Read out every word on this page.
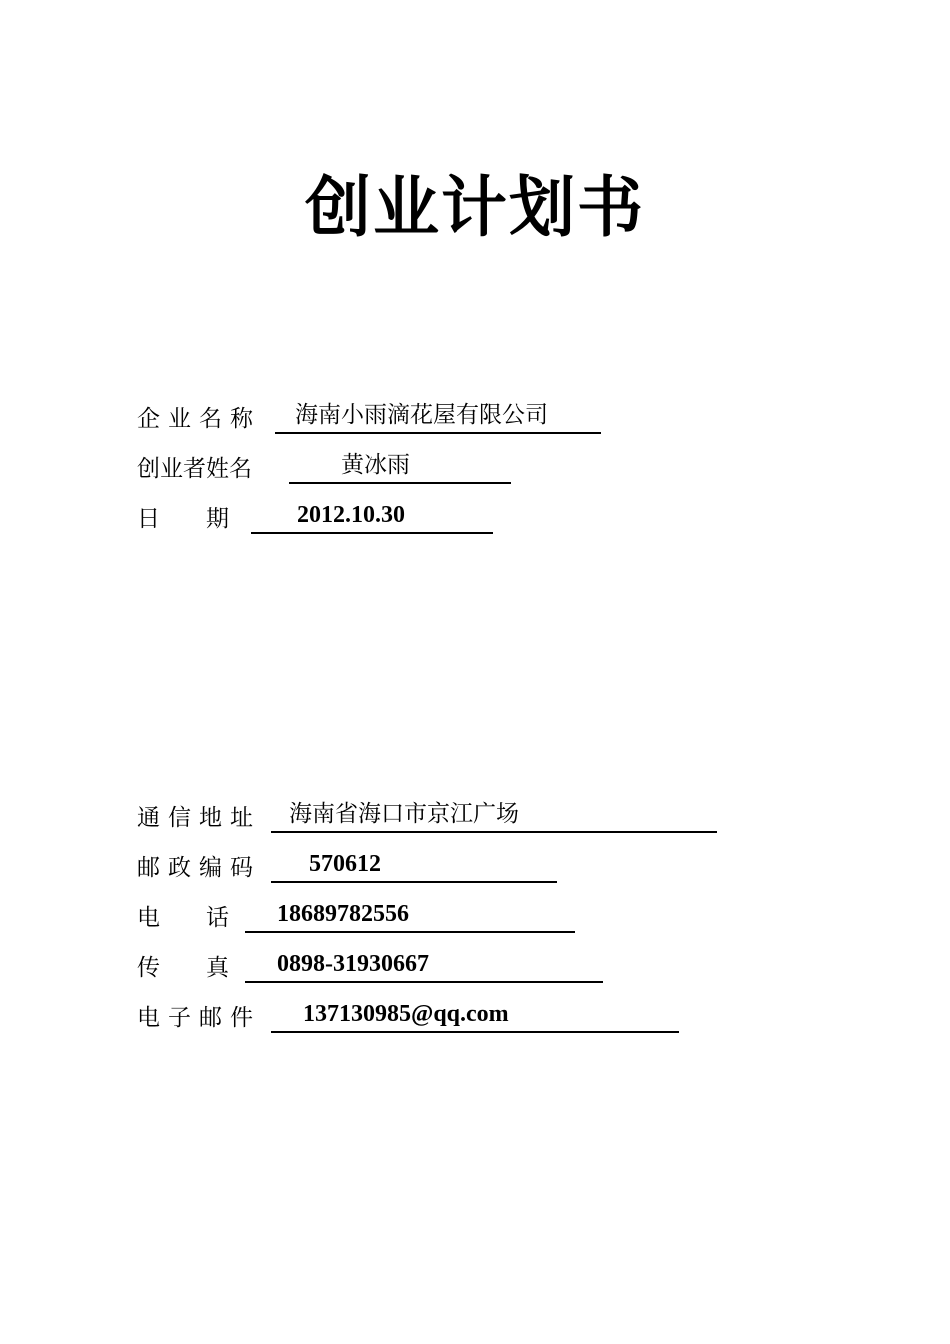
创业计划书
企业名称	海南小雨滴花屋有限公司
创业者姓名	黄冰雨
日期 2012.10.30
通信地址	海南省海口市京江广场
邮政编码	570612
电话 18689782556
传真 0898-31930667
电子邮件	137130985@qq.com
